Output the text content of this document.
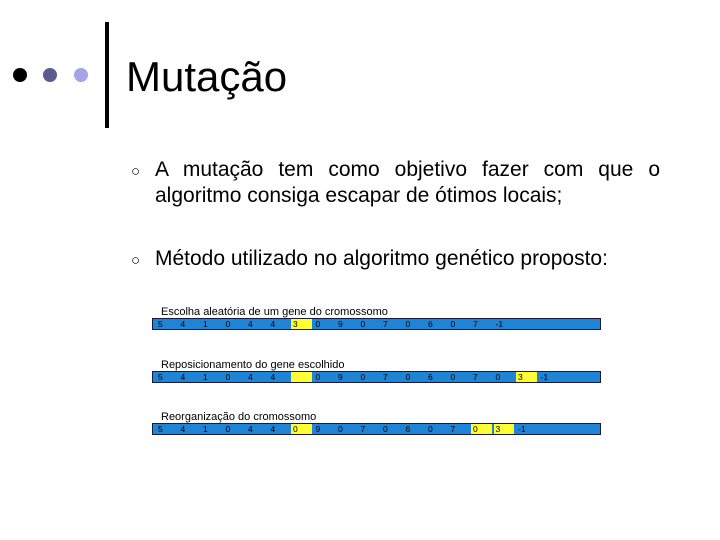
Mutação
○ A mutação tem como objetivo fazer com que o
algoritmo consiga escapar de ótimos locais;
○ Método utilizado no algoritmo genético proposto:
Escolha aleatória de um gene do cromossomo
5	4	1	0	4	4	3	0	9	0	7	0	6	0	7	-1
Reposicionamento do gene escolhido
5	4	1	0	4	4	0	9	0	7	0	6	0	7	0	3	-1
Reorganização do cromossomo
5	4	1	0	4	4	0	9	0	7	0	6	0	7	0	3	-1
